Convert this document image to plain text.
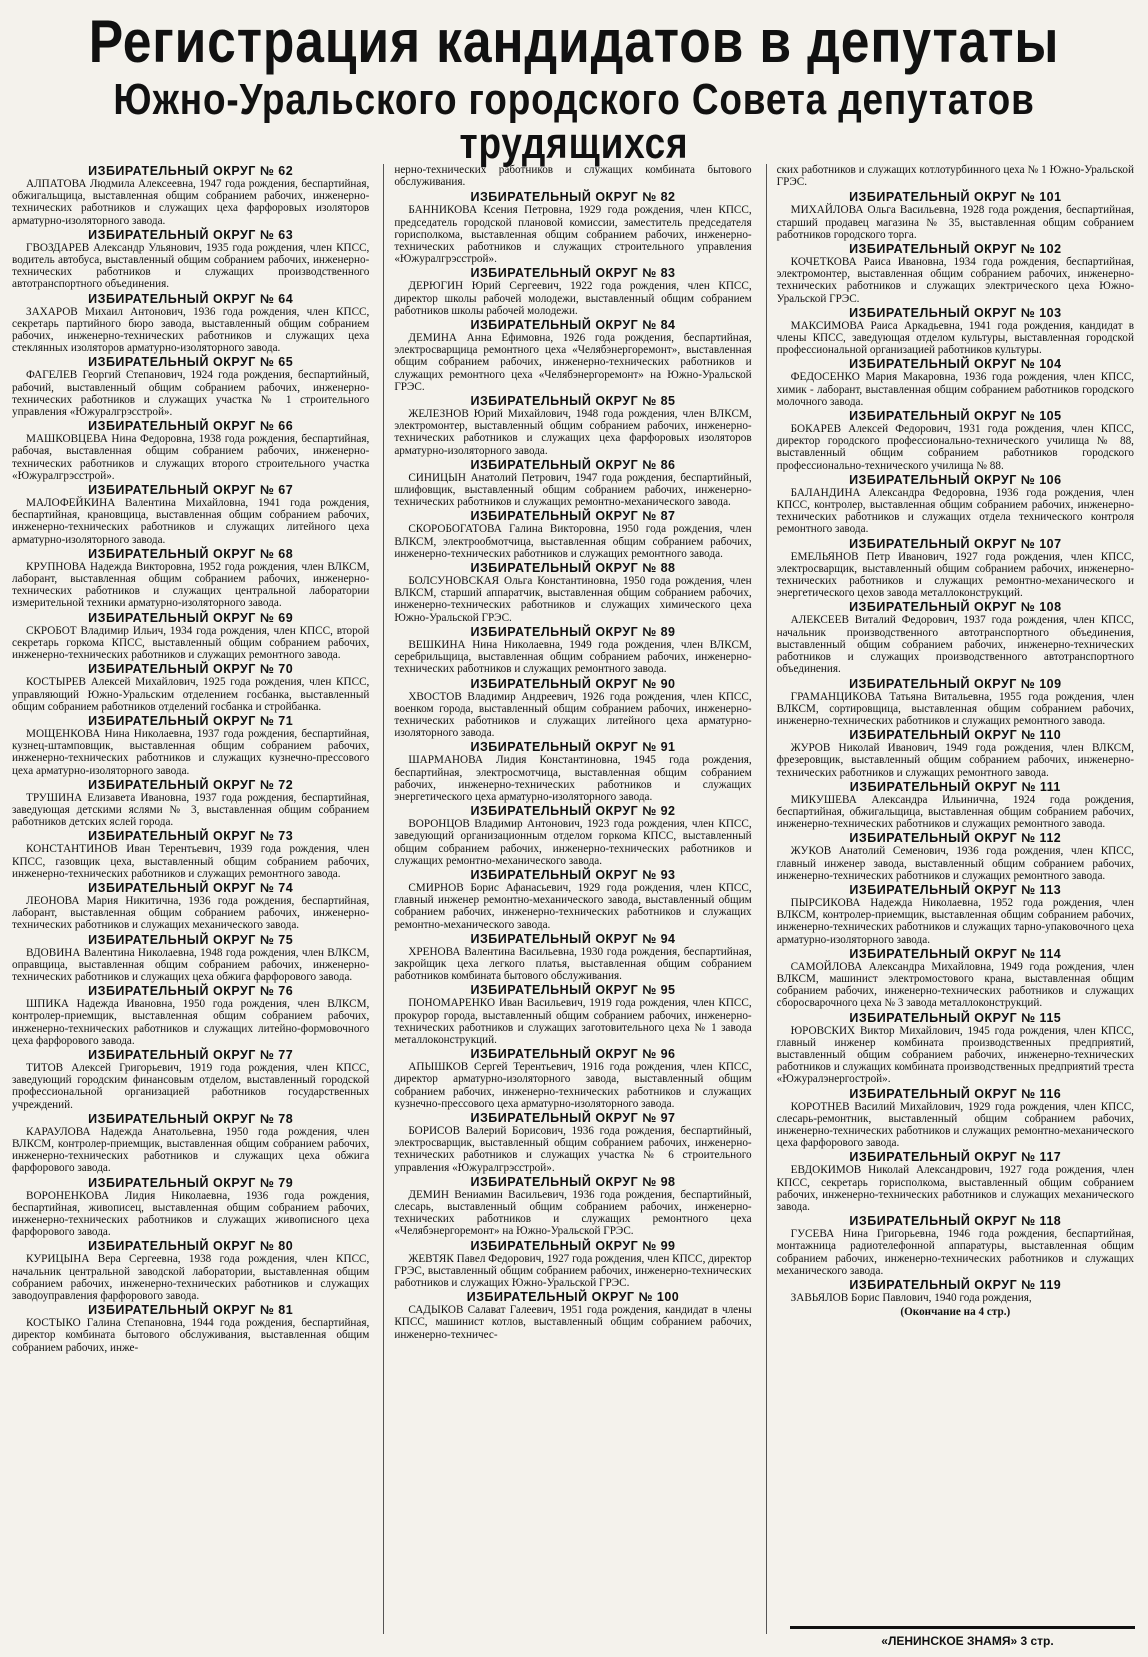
Регистрация кандидатов в депутаты
Южно-Уральского городского Совета депутатов трудящихся
ИЗБИРАТЕЛЬНЫЙ ОКРУГ № 62

АЛПАТОВА Людмила Алексеевна, 1947 года рождения, беспартийная, обжигальщица, выставленная общим собранием рабочих, инженерно-технических работников и служащих цеха фарфоровых изоляторов арматурно-изоляторного завода.

ИЗБИРАТЕЛЬНЫЙ ОКРУГ № 63

ГВОЗДАРЕВ Александр Ульянович, 1935 года рождения, член КПСС, водитель автобуса, выставленный общим собранием рабочих, инженерно-технических работников и служащих производственного автотранспортного объединения.

ИЗБИРАТЕЛЬНЫЙ ОКРУГ № 64

ЗАХАРОВ Михаил Антонович, 1936 года рождения, член КПСС, секретарь партийного бюро завода, выставленный общим собранием рабочих, инженерно-технических работников и служащих цеха стеклянных изоляторов арматурно-изоляторного завода.

ИЗБИРАТЕЛЬНЫЙ ОКРУГ № 65

ФАГЕЛЕВ Георгий Степанович, 1924 года рождения, беспартийный, рабочий, выставленный общим собранием рабочих, инженерно-технических работников и служащих участка № 1 строительного управления «Южуралгрэсстрой».

ИЗБИРАТЕЛЬНЫЙ ОКРУГ № 66

МАШКОВЦЕВА Нина Федоровна, 1938 года рождения, беспартийная, рабочая, выставленная общим собранием рабочих, инженерно-технических работников и служащих второго строительного участка «Южуралгрэсстрой».

ИЗБИРАТЕЛЬНЫЙ ОКРУГ № 67

МАЛОФЕЙКИНА Валентина Михайловна, 1941 года рождения, беспартийная, крановщица, выставленная общим собранием рабочих, инженерно-технических работников и служащих литейного цеха арматурно-изоляторного завода.

ИЗБИРАТЕЛЬНЫЙ ОКРУГ № 68

КРУПНОВА Надежда Викторовна, 1952 года рождения, член ВЛКСМ, лаборант, выставленная общим собранием рабочих, инженерно-технических работников и служащих центральной лаборатории измерительной техники арматурно-изоляторного завода.

ИЗБИРАТЕЛЬНЫЙ ОКРУГ № 69

СКРОБОТ Владимир Ильич, 1934 года рождения, член КПСС, второй секретарь горкома КПСС, выставленный общим собранием рабочих, инженерно-технических работников и служащих ремонтного завода.

ИЗБИРАТЕЛЬНЫЙ ОКРУГ № 70

КОСТЫРЕВ Алексей Михайлович, 1925 года рождения, член КПСС, управляющий Южно-Уральским отделением госбанка, выставленный общим собранием работников отделений госбанка и стройбанка.

ИЗБИРАТЕЛЬНЫЙ ОКРУГ № 71

МОЩЕНКОВА Нина Николаевна, 1937 года рождения, беспартийная, кузнец-штамповщик, выставленная общим собранием рабочих, инженерно-технических работников и служащих кузнечно-прессового цеха арматурно-изоляторного завода.

ИЗБИРАТЕЛЬНЫЙ ОКРУГ № 72

ТРУШИНА Елизавета Ивановна, 1937 года рождения, беспартийная, заведующая детскими яслями № 3, выставленная общим собранием работников детских яслей города.

ИЗБИРАТЕЛЬНЫЙ ОКРУГ № 73

КОНСТАНТИНОВ Иван Терентьевич, 1939 года рождения, член КПСС, газовщик цеха, выставленный общим собранием рабочих, инженерно-технических работников и служащих ремонтного завода.

ИЗБИРАТЕЛЬНЫЙ ОКРУГ № 74

ЛЕОНОВА Мария Никитична, 1936 года рождения, беспартийная, лаборант, выставленная общим собранием рабочих, инженерно-технических работников и служащих механического завода.

ИЗБИРАТЕЛЬНЫЙ ОКРУГ № 75

ВДОВИНА Валентина Николаевна, 1948 года рождения, член ВЛКСМ, оправщица, выставленная общим собранием рабочих, инженерно-технических работников и служащих цеха обжига фарфорового завода.

ИЗБИРАТЕЛЬНЫЙ ОКРУГ № 76

ШПИКА Надежда Ивановна, 1950 года рождения, член ВЛКСМ, контролер-приемщик, выставленная общим собранием рабочих, инженерно-технических работников и служащих литейно-формовочного цеха фарфорового завода.

ИЗБИРАТЕЛЬНЫЙ ОКРУГ № 77

ТИТОВ Алексей Григорьевич, 1919 года рождения, член КПСС, заведующий городским финансовым отделом, выставленный городской профессиональной организацией работников государственных учреждений.

ИЗБИРАТЕЛЬНЫЙ ОКРУГ № 78

КАРАУЛОВА Надежда Анатольевна, 1950 года рождения, член ВЛКСМ, контролер-приемщик, выставленная общим собранием рабочих, инженерно-технических работников и служащих цеха обжига фарфорового завода.

ИЗБИРАТЕЛЬНЫЙ ОКРУГ № 79

ВОРОНЕНКОВА Лидия Николаевна, 1936 года рождения, беспартийная, живописец, выставленная общим собранием рабочих, инженерно-технических работников и служащих живописного цеха фарфорового завода.

ИЗБИРАТЕЛЬНЫЙ ОКРУГ № 80

КУРИЦЫНА Вера Сергеевна, 1938 года рождения, член КПСС, начальник центральной заводской лаборатории, выставленная общим собранием рабочих, инженерно-технических работников и служащих заводоуправления фарфорового завода.

ИЗБИРАТЕЛЬНЫЙ ОКРУГ № 81

КОСТЫКО Галина Степановна, 1944 года рождения, беспартийная, директор комбината бытового обслуживания, выставленная общим собранием рабочих, инже-

нерно-технических работников и служащих комбината бытового обслуживания.

ИЗБИРАТЕЛЬНЫЙ ОКРУГ № 82

БАННИКОВА Ксения Петровна, 1929 года рождения, член КПСС, председатель городской плановой комиссии, заместитель председателя горисполкома, выставленная общим собранием рабочих, инженерно-технических работников и служащих строительного управления «Южуралгрэсстрой».

ИЗБИРАТЕЛЬНЫЙ ОКРУГ № 83

ДЕРЮГИН Юрий Сергеевич, 1922 года рождения, член КПСС, директор школы рабочей молодежи, выставленный общим собранием работников школы рабочей молодежи.

ИЗБИРАТЕЛЬНЫЙ ОКРУГ № 84

ДЕМИНА Анна Ефимовна, 1926 года рождения, беспартийная, электросварщица ремонтного цеха «Челябэнергоремонт», выставленная общим собранием рабочих, инженерно-технических работников и служащих ремонтного цеха «Челябэнергоремонт» на Южно-Уральской ГРЭС.

ИЗБИРАТЕЛЬНЫЙ ОКРУГ № 85

ЖЕЛЕЗНОВ Юрий Михайлович, 1948 года рождения, член ВЛКСМ, электромонтер, выставленный общим собранием рабочих, инженерно-технических работников и служащих цеха фарфоровых изоляторов арматурно-изоляторного завода.

ИЗБИРАТЕЛЬНЫЙ ОКРУГ № 86

СИНИЦЫН Анатолий Петрович, 1947 года рождения, беспартийный, шлифовщик, выставленный общим собранием рабочих, инженерно-технических работников и служащих ремонтно-механического завода.

ИЗБИРАТЕЛЬНЫЙ ОКРУГ № 87

СКОРОБОГАТОВА Галина Викторовна, 1950 года рождения, член ВЛКСМ, электрообмотчица, выставленная общим собранием рабочих, инженерно-технических работников и служащих ремонтного завода.

ИЗБИРАТЕЛЬНЫЙ ОКРУГ № 88

БОЛСУНОВСКАЯ Ольга Константиновна, 1950 года рождения, член ВЛКСМ, старший аппаратчик, выставленная общим собранием рабочих, инженерно-технических работников и служащих химического цеха Южно-Уральской ГРЭС.

ИЗБИРАТЕЛЬНЫЙ ОКРУГ № 89

ВЕШКИНА Нина Николаевна, 1949 года рождения, член ВЛКСМ, серебрильщица, выставленная общим собранием рабочих, инженерно-технических работников и служащих ремонтного завода.

ИЗБИРАТЕЛЬНЫЙ ОКРУГ № 90

ХВОСТОВ Владимир Андреевич, 1926 года рождения, член КПСС, военком города, выставленный общим собранием рабочих, инженерно-технических работников и служащих литейного цеха арматурно-изоляторного завода.

ИЗБИРАТЕЛЬНЫЙ ОКРУГ № 91

ШАРМАНОВА Лидия Константиновна, 1945 года рождения, беспартийная, электросмотчица, выставленная общим собранием рабочих, инженерно-технических работников и служащих энергетического цеха арматурно-изоляторного завода.

ИЗБИРАТЕЛЬНЫЙ ОКРУГ № 92

ВОРОНЦОВ Владимир Антонович, 1923 года рождения, член КПСС, заведующий организационным отделом горкома КПСС, выставленный общим собранием рабочих, инженерно-технических работников и служащих ремонтно-механического завода.

ИЗБИРАТЕЛЬНЫЙ ОКРУГ № 93

СМИРНОВ Борис Афанасьевич, 1929 года рождения, член КПСС, главный инженер ремонтно-механического завода, выставленный общим собранием рабочих, инженерно-технических работников и служащих ремонтно-механического завода.

ИЗБИРАТЕЛЬНЫЙ ОКРУГ № 94

ХРЕНОВА Валентина Васильевна, 1930 года рождения, беспартийная, закройщик цеха легкого платья, выставленная общим собранием работников комбината бытового обслуживания.

ИЗБИРАТЕЛЬНЫЙ ОКРУГ № 95

ПОНОМАРЕНКО Иван Васильевич, 1919 года рождения, член КПСС, прокурор города, выставленный общим собранием рабочих, инженерно-технических работников и служащих заготовительного цеха № 1 завода металлоконструкций.

ИЗБИРАТЕЛЬНЫЙ ОКРУГ № 96

АПЫШКОВ Сергей Терентьевич, 1916 года рождения, член КПСС, директор арматурно-изоляторного завода, выставленный общим собранием рабочих, инженерно-технических работников и служащих кузнечно-прессового цеха арматурно-изоляторного завода.

ИЗБИРАТЕЛЬНЫЙ ОКРУГ № 97

БОРИСОВ Валерий Борисович, 1936 года рождения, беспартийный, электросварщик, выставленный общим собранием рабочих, инженерно-технических работников и служащих участка № 6 строительного управления «Южуралгрэсстрой».

ИЗБИРАТЕЛЬНЫЙ ОКРУГ № 98

ДЕМИН Вениамин Васильевич, 1936 года рождения, беспартийный, слесарь, выставленный общим собранием рабочих, инженерно-технических работников и служащих ремонтного цеха «Челябэнергоремонт» на Южно-Уральской ГРЭС.

ИЗБИРАТЕЛЬНЫЙ ОКРУГ № 99

ЖЕВТЯК Павел Федорович, 1927 года рождения, член КПСС, директор ГРЭС, выставленный общим собранием рабочих, инженерно-технических работников и служащих Южно-Уральской ГРЭС.

ИЗБИРАТЕЛЬНЫЙ ОКРУГ № 100

САДЫКОВ Салават Галеевич, 1951 года рождения, кандидат в члены КПСС, машинист котлов, выставленный общим собранием рабочих, инженерно-техничес-

ских работников и служащих котлотурбинного цеха № 1 Южно-Уральской ГРЭС.

ИЗБИРАТЕЛЬНЫЙ ОКРУГ № 101

МИХАЙЛОВА Ольга Васильевна, 1928 года рождения, беспартийная, старший продавец магазина № 35, выставленная общим собранием работников городского торга.

ИЗБИРАТЕЛЬНЫЙ ОКРУГ № 102

КОЧЕТКОВА Раиса Ивановна, 1934 года рождения, беспартийная, электромонтер, выставленная общим собранием рабочих, инженерно-технических работников и служащих электрического цеха Южно-Уральской ГРЭС.

ИЗБИРАТЕЛЬНЫЙ ОКРУГ № 103

МАКСИМОВА Раиса Аркадьевна, 1941 года рождения, кандидат в члены КПСС, заведующая отделом культуры, выставленная городской профессиональной организацией работников культуры.

ИЗБИРАТЕЛЬНЫЙ ОКРУГ № 104

ФЕДОСЕНКО Мария Макаровна, 1936 года рождения, член КПСС, химик - лаборант, выставленная общим собранием работников городского молочного завода.

ИЗБИРАТЕЛЬНЫЙ ОКРУГ № 105

БОКАРЕВ Алексей Федорович, 1931 года рождения, член КПСС, директор городского профессионально-технического училища № 88, выставленный общим собранием работников городского профессионально-технического училища № 88.

ИЗБИРАТЕЛЬНЫЙ ОКРУГ № 106

БАЛАНДИНА Александра Федоровна, 1936 года рождения, член КПСС, контролер, выставленная общим собранием рабочих, инженерно-технических работников и служащих отдела технического контроля ремонтного завода.

ИЗБИРАТЕЛЬНЫЙ ОКРУГ № 107

ЕМЕЛЬЯНОВ Петр Иванович, 1927 года рождения, член КПСС, электросварщик, выставленный общим собранием рабочих, инженерно-технических работников и служащих ремонтно-механического и энергетического цехов завода металлоконструкций.

ИЗБИРАТЕЛЬНЫЙ ОКРУГ № 108

АЛЕКСЕЕВ Виталий Федорович, 1937 года рождения, член КПСС, начальник производственного автотранспортного объединения, выставленный общим собранием рабочих, инженерно-технических работников и служащих производственного автотранспортного объединения.

ИЗБИРАТЕЛЬНЫЙ ОКРУГ № 109

ГРАМАНЦИКОВА Татьяна Витальевна, 1955 года рождения, член ВЛКСМ, сортировщица, выставленная общим собранием рабочих, инженерно-технических работников и служащих ремонтного завода.

ИЗБИРАТЕЛЬНЫЙ ОКРУГ № 110

ЖУРОВ Николай Иванович, 1949 года рождения, член ВЛКСМ, фрезеровщик, выставленный общим собранием рабочих, инженерно-технических работников и служащих ремонтного завода.

ИЗБИРАТЕЛЬНЫЙ ОКРУГ № 111

МИКУШЕВА Александра Ильинична, 1924 года рождения, беспартийная, обжигальщица, выставленная общим собранием рабочих, инженерно-технических работников и служащих ремонтного завода.

ИЗБИРАТЕЛЬНЫЙ ОКРУГ № 112

ЖУКОВ Анатолий Семенович, 1936 года рождения, член КПСС, главный инженер завода, выставленный общим собранием рабочих, инженерно-технических работников и служащих ремонтного завода.

ИЗБИРАТЕЛЬНЫЙ ОКРУГ № 113

ПЫРСИКОВА Надежда Николаевна, 1952 года рождения, член ВЛКСМ, контролер-приемщик, выставленная общим собранием рабочих, инженерно-технических работников и служащих тарно-упаковочного цеха арматурно-изоляторного завода.

ИЗБИРАТЕЛЬНЫЙ ОКРУГ № 114

САМОЙЛОВА Александра Михайловна, 1949 года рождения, член ВЛКСМ, машинист электромостового крана, выставленная общим собранием рабочих, инженерно-технических работников и служащих сборосварочного цеха № 3 завода металлоконструкций.

ИЗБИРАТЕЛЬНЫЙ ОКРУГ № 115

ЮРОВСКИХ Виктор Михайлович, 1945 года рождения, член КПСС, главный инженер комбината производственных предприятий, выставленный общим собранием рабочих, инженерно-технических работников и служащих комбината производственных предприятий треста «Южуралэнергострой».

ИЗБИРАТЕЛЬНЫЙ ОКРУГ № 116

КОРОТНЕВ Василий Михайлович, 1929 года рождения, член КПСС, слесарь-ремонтник, выставленный общим собранием рабочих, инженерно-технических работников и служащих ремонтно-механического цеха фарфорового завода.

ИЗБИРАТЕЛЬНЫЙ ОКРУГ № 117

ЕВДОКИМОВ Николай Александрович, 1927 года рождения, член КПСС, секретарь горисполкома, выставленный общим собранием рабочих, инженерно-технических работников и служащих механического завода.

ИЗБИРАТЕЛЬНЫЙ ОКРУГ № 118

ГУСЕВА Нина Григорьевна, 1946 года рождения, беспартийная, монтажница радиотелефонной аппаратуры, выставленная общим собранием рабочих, инженерно-технических работников и служащих механического завода.

ИЗБИРАТЕЛЬНЫЙ ОКРУГ № 119

ЗАВЬЯЛОВ Борис Павлович, 1940 года рождения,

(Окончание на 4 стр.)
«ЛЕНИНСКОЕ ЗНАМЯ» 3 стр.
